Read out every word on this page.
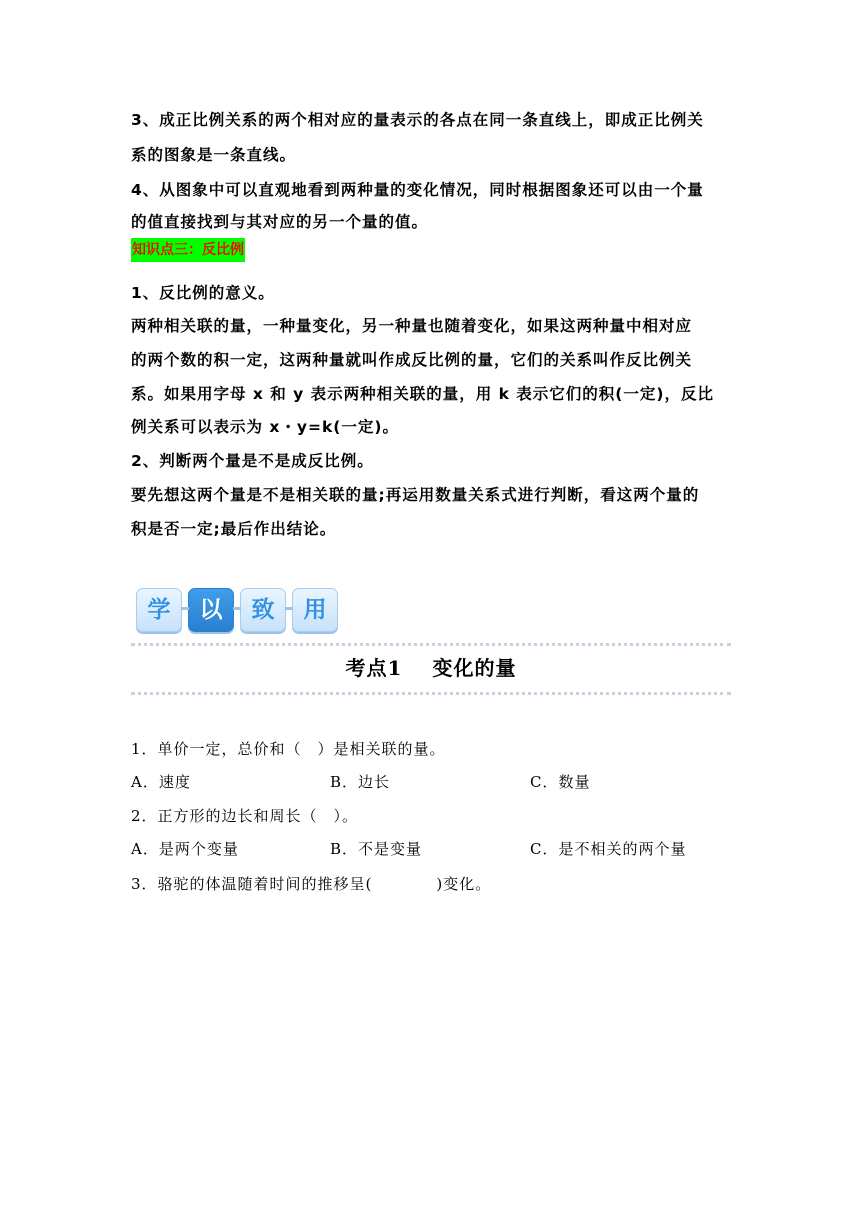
3、成正比例关系的两个相对应的量表示的各点在同一条直线上，即成正比例关
系的图象是一条直线。
4、从图象中可以直观地看到两种量的变化情况，同时根据图象还可以由一个量
的值直接找到与其对应的另一个量的值。
知识点三：反比例
1、反比例的意义。
两种相关联的量，一种量变化，另一种量也随着变化，如果这两种量中相对应
的两个数的积一定，这两种量就叫作成反比例的量，它们的关系叫作反比例关
系。如果用字母 x 和 y 表示两种相关联的量，用 k 表示它们的积(一定)，反比
例关系可以表示为 x・y=k(一定)。
2、判断两个量是不是成反比例。
要先想这两个量是不是相关联的量;再运用数量关系式进行判断，看这两个量的
积是否一定;最后作出结论。
学	以	致	用
考点1 变化的量
1．单价一定，总价和（　）是相关联的量。
A．速度	B．边长	C．数量
2．正方形的边长和周长（　）。
A．是两个变量	B．不是变量	C．是不相关的两个量
3．骆驼的体温随着时间的推移呈(　　　　)变化。
